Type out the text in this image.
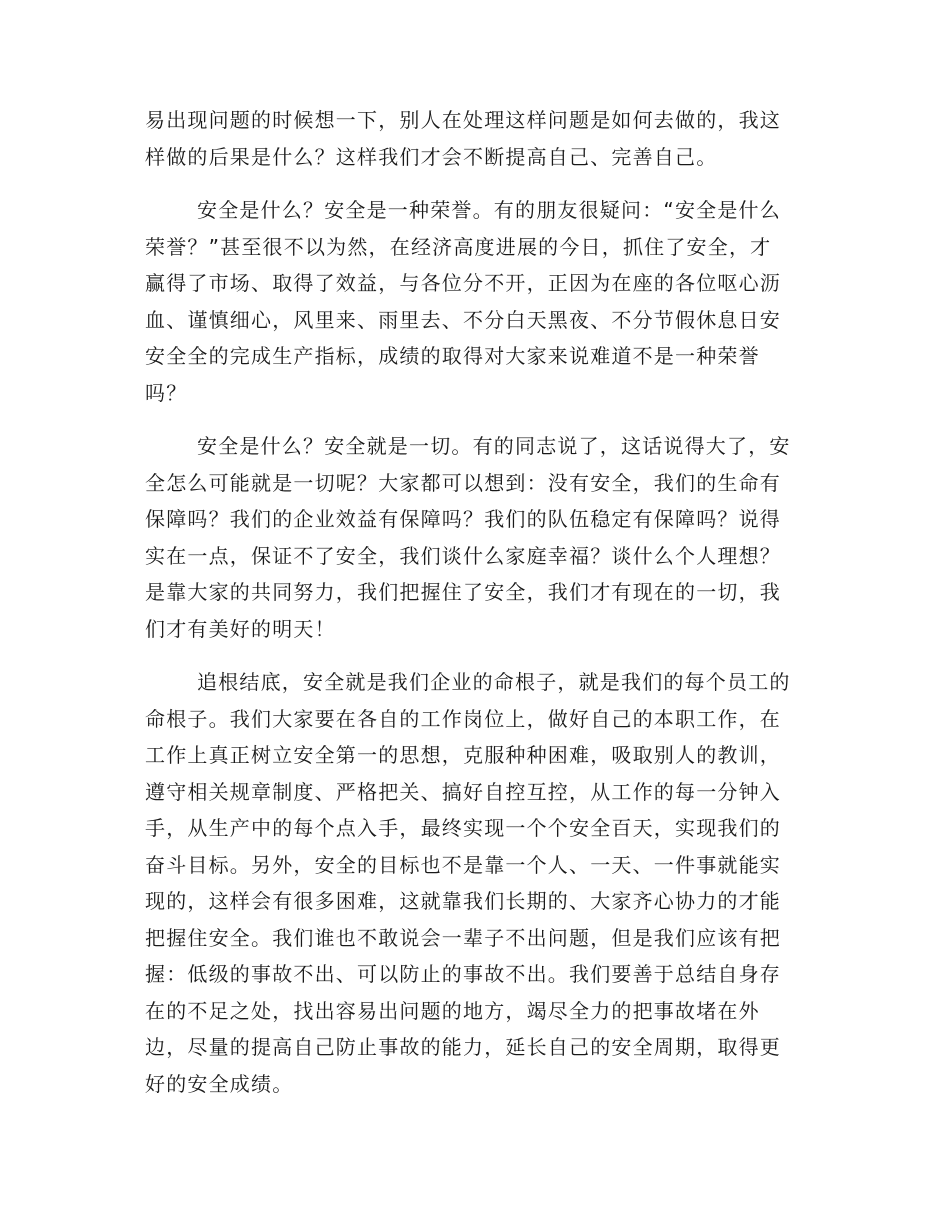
易出现问题的时候想一下，别人在处理这样问题是如何去做的，我这
样做的后果是什么？这样我们才会不断提高自己、完善自己。
安全是什么？安全是一种荣誉。有的朋友很疑问：“安全是什么
荣誉？”甚至很不以为然，在经济高度进展的今日，抓住了安全，才
赢得了市场、取得了效益，与各位分不开，正因为在座的各位呕心沥
血、谨慎细心，风里来、雨里去、不分白天黑夜、不分节假休息日安
安全全的完成生产指标，成绩的取得对大家来说难道不是一种荣誉
吗？
安全是什么？安全就是一切。有的同志说了，这话说得大了，安
全怎么可能就是一切呢？大家都可以想到：没有安全，我们的生命有
保障吗？我们的企业效益有保障吗？我们的队伍稳定有保障吗？说得
实在一点，保证不了安全，我们谈什么家庭幸福？谈什么个人理想？
是靠大家的共同努力，我们把握住了安全，我们才有现在的一切，我
们才有美好的明天！
追根结底，安全就是我们企业的命根子，就是我们的每个员工的
命根子。我们大家要在各自的工作岗位上，做好自己的本职工作，在
工作上真正树立安全第一的思想，克服种种困难，吸取别人的教训，
遵守相关规章制度、严格把关、搞好自控互控，从工作的每一分钟入
手，从生产中的每个点入手，最终实现一个个安全百天，实现我们的
奋斗目标。另外，安全的目标也不是靠一个人、一天、一件事就能实
现的，这样会有很多困难，这就靠我们长期的、大家齐心协力的才能
把握住安全。我们谁也不敢说会一辈子不出问题，但是我们应该有把
握：低级的事故不出、可以防止的事故不出。我们要善于总结自身存
在的不足之处，找出容易出问题的地方，竭尽全力的把事故堵在外
边，尽量的提高自己防止事故的能力，延长自己的安全周期，取得更
好的安全成绩。
